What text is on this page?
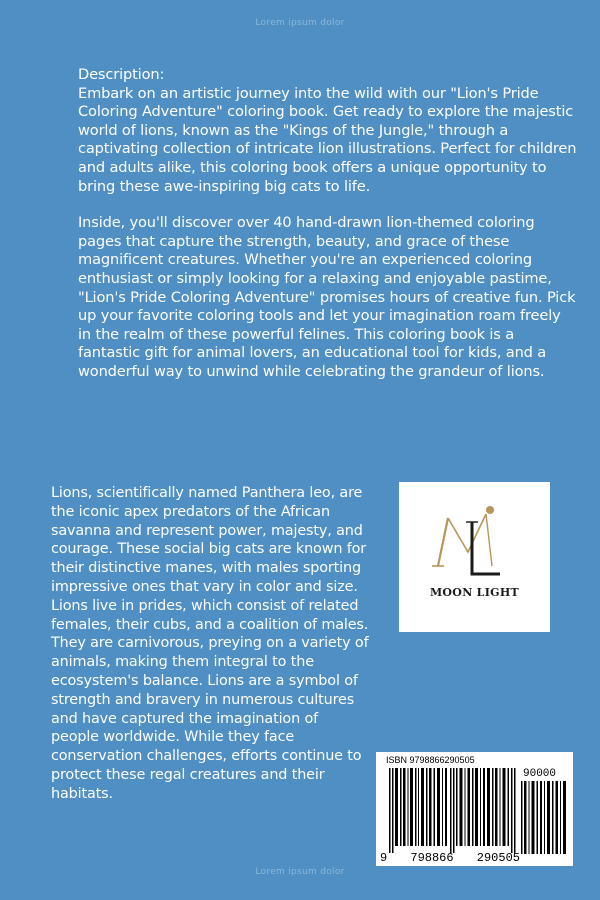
Lorem ipsum dolor

Description:

Embark on an artistic journey into the wild with our "Lion's Pride Coloring Adventure" coloring book. Get ready to explore the majestic world of lions, known as the "Kings of the Jungle," through a captivating collection of intricate lion illustrations. Perfect for children and adults alike, this coloring book offers a unique opportunity to bring these awe-inspiring big cats to life.

Inside, you'll discover over 40 hand-drawn lion-themed coloring pages that capture the strength, beauty, and grace of these magnificent creatures. Whether you're an experienced coloring enthusiast or simply looking for a relaxing and enjoyable pastime, "Lion's Pride Coloring Adventure" promises hours of creative fun. Pick up your favorite coloring tools and let your imagination roam freely in the realm of these powerful felines. This coloring book is a fantastic gift for animal lovers, an educational tool for kids, and a wonderful way to unwind while celebrating the grandeur of lions.

Lions, scientifically named Panthera leo, are the iconic apex predators of the African savanna and represent power, majesty, and courage. These social big cats are known for their distinctive manes, with males sporting impressive ones that vary in color and size. Lions live in prides, which consist of related females, their cubs, and a coalition of males. They are carnivorous, preying on a variety of animals, making them integral to the ecosystem's balance. Lions are a symbol of strength and bravery in numerous cultures and have captured the imagination of people worldwide. While they face conservation challenges, efforts continue to protect these regal creatures and their habitats.
MOON LIGHT
ISBN 9798866290505
90000
9 798866 290505
Lorem ipsum dolor
